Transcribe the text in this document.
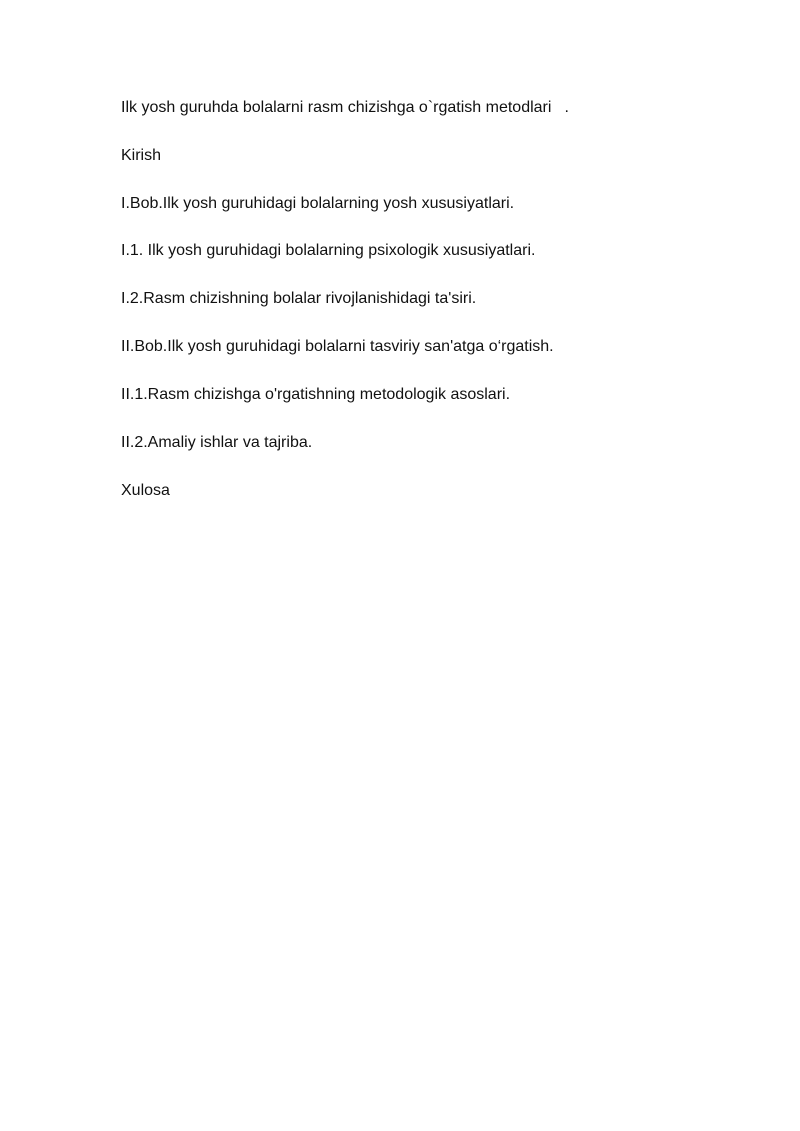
Ilk yosh guruhda bolalarni rasm chizishga o`rgatish metodlari .
Kirish
I.Bob.Ilk yosh guruhidagi bolalarning yosh xususiyatlari.
I.1. Ilk yosh guruhidagi bolalarning psixologik xususiyatlari.
I.2.Rasm chizishning bolalar rivojlanishidagi ta'siri.
II.Bob.Ilk yosh guruhidagi bolalarni tasviriy san'atga o‘rgatish.
II.1.Rasm chizishga o'rgatishning metodologik asoslari.
II.2.Amaliy ishlar va tajriba.
Xulosa
